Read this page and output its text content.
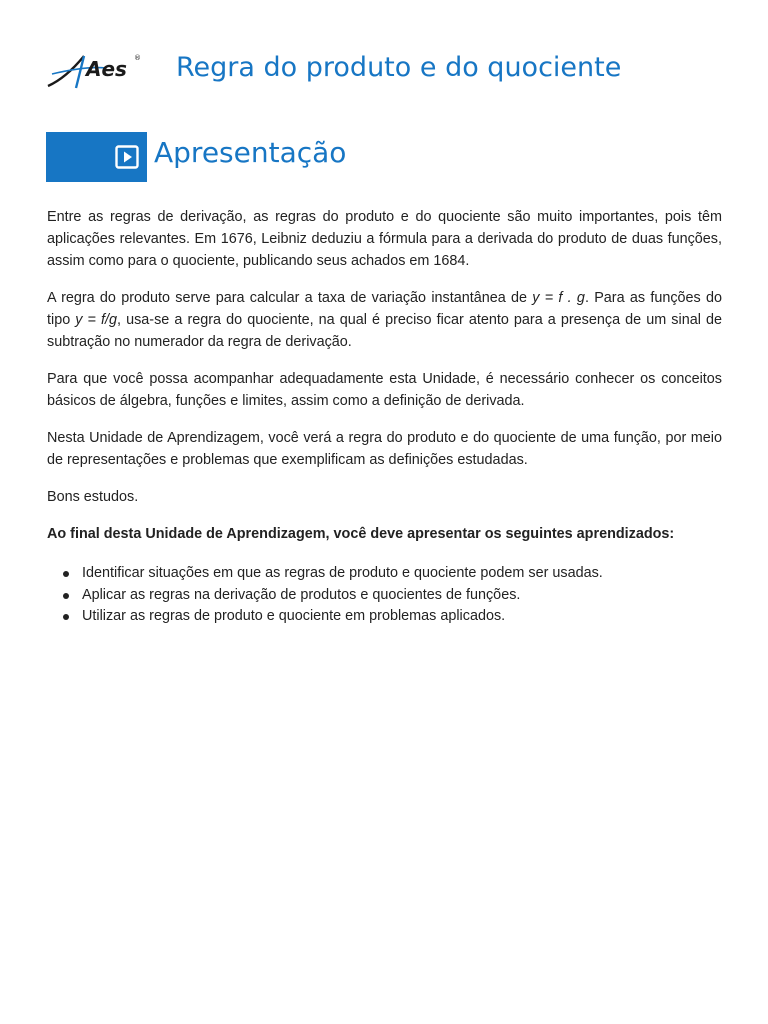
Aes ® Regra do produto e do quociente
Apresentação

Entre as regras de derivação, as regras do produto e do quociente são muito importantes, pois têm aplicações relevantes. Em 1676, Leibniz deduziu a fórmula para a derivada do produto de duas funções, assim como para o quociente, publicando seus achados em 1684.

A regra do produto serve para calcular a taxa de variação instantânea de y = f . g. Para as funções do tipo y = f/g, usa-se a regra do quociente, na qual é preciso ficar atento para a presença de um sinal de subtração no numerador da regra de derivação.

Para que você possa acompanhar adequadamente esta Unidade, é necessário conhecer os conceitos básicos de álgebra, funções e limites, assim como a definição de derivada.

Nesta Unidade de Aprendizagem, você verá a regra do produto e do quociente de uma função, por meio de representações e problemas que exemplificam as definições estudadas.

Bons estudos.

Ao final desta Unidade de Aprendizagem, você deve apresentar os seguintes aprendizados:

Identificar situações em que as regras de produto e quociente podem ser usadas.
Aplicar as regras na derivação de produtos e quocientes de funções.
Utilizar as regras de produto e quociente em problemas aplicados.
